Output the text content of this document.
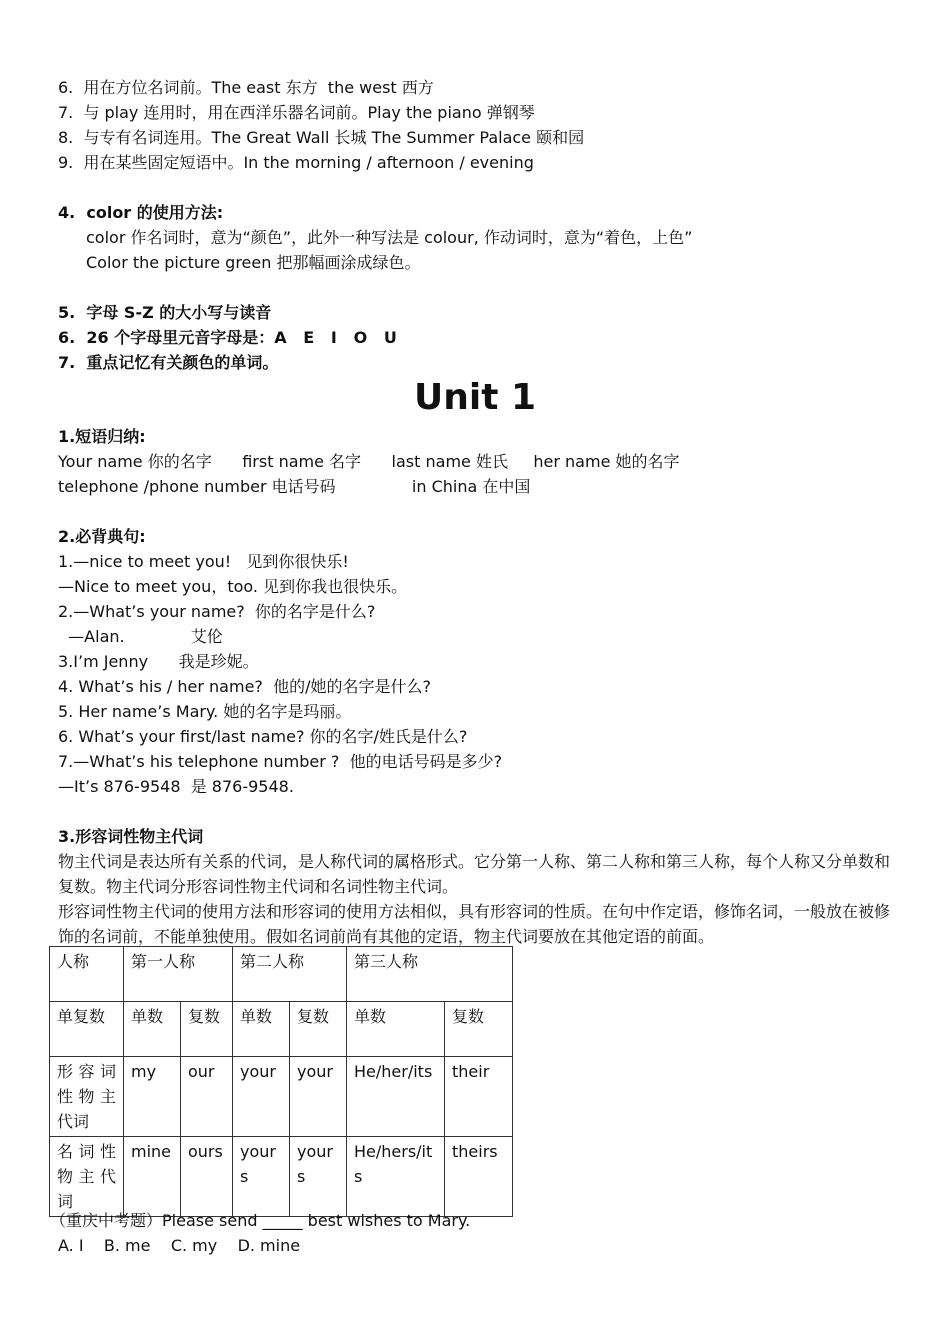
6.  用在方位名词前。The east 东方  the west 西方
7.  与 play 连用时，用在西洋乐器名词前。Play the piano 弹钢琴
8.  与专有名词连用。The Great Wall 长城 The Summer Palace 颐和园
9.  用在某些固定短语中。In the morning / afternoon / evening
4.  color 的使用方法:
color 作名词时，意为“颜色”，此外一种写法是 colour, 作动词时，意为“着色，上色”
Color the picture green 把那幅画涂成绿色。
5.  字母 S-Z 的大小写与读音
6.  26 个字母里元音字母是：A   E   I   O   U
7.  重点记忆有关颜色的单词。
Unit 1
1.短语归纳:
Your name 你的名字      first name 名字      last name 姓氏     her name 她的名字
telephone /phone number 电话号码               in China 在中国
2.必背典句:
1.—nice to meet you!   见到你很快乐!
—Nice to meet you，too. 见到你我也很快乐。
2.—What’s your name?  你的名字是什么?
—Alan.             艾伦
3.I’m Jenny      我是珍妮。
4. What’s his / her name?  他的/她的名字是什么?
5. Her name’s Mary. 她的名字是玛丽。
6. What’s your first/last name? 你的名字/姓氏是什么?
7.—What’s his telephone number ?  他的电话号码是多少?
—It’s 876-9548  是 876-9548.
3.形容词性物主代词
物主代词是表达所有关系的代词，是人称代词的属格形式。它分第一人称、第二人称和第三人称，每个人称又分单数和复数。物主代词分形容词性物主代词和名词性物主代词。
形容词性物主代词的使用方法和形容词的使用方法相似，具有形容词的性质。在句中作定语，修饰名词，一般放在被修饰的名词前，不能单独使用。假如名词前尚有其他的定语，物主代词要放在其他定语的前面。
人称	第一人称		第二人称		第三人称	
单复数	单数	复数	单数	复数	单数	复数
形容词性物主代词	my	our	your	your	He/her/its	their
名词性物主代词	mine	ours	yours	yours	He/hers/its	theirs
（重庆中考题）Please send _____ best wishes to Mary.
A. I    B. me    C. my    D. mine
